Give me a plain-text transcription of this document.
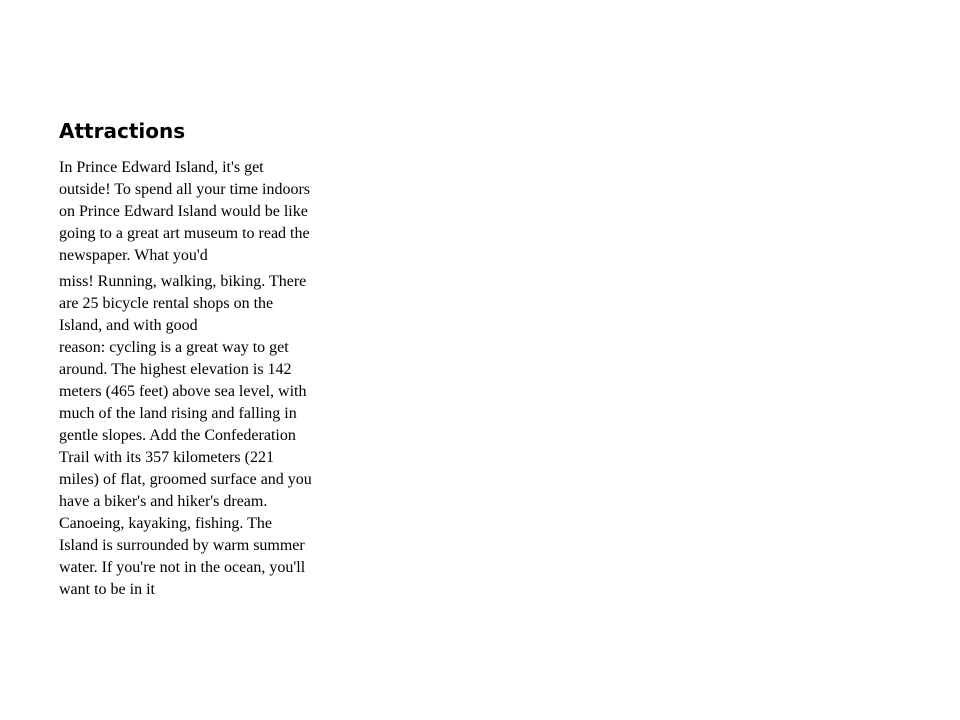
Attractions

In Prince Edward Island, it's get
outside! To spend all your time indoors
on Prince Edward Island would be like
going to a great art museum to read the
newspaper. What you'd

miss! Running, walking, biking. There
are 25 bicycle rental shops on the
Island, and with good
reason: cycling is a great way to get
around. The highest elevation is 142
meters (465 feet) above sea level, with
much of the land rising and falling in
gentle slopes. Add the Confederation
Trail with its 357 kilometers (221
miles) of flat, groomed surface and you
have a biker's and hiker's dream.
Canoeing, kayaking, fishing. The
Island is surrounded by warm summer
water. If you're not in the ocean, you'll
want to be in it
